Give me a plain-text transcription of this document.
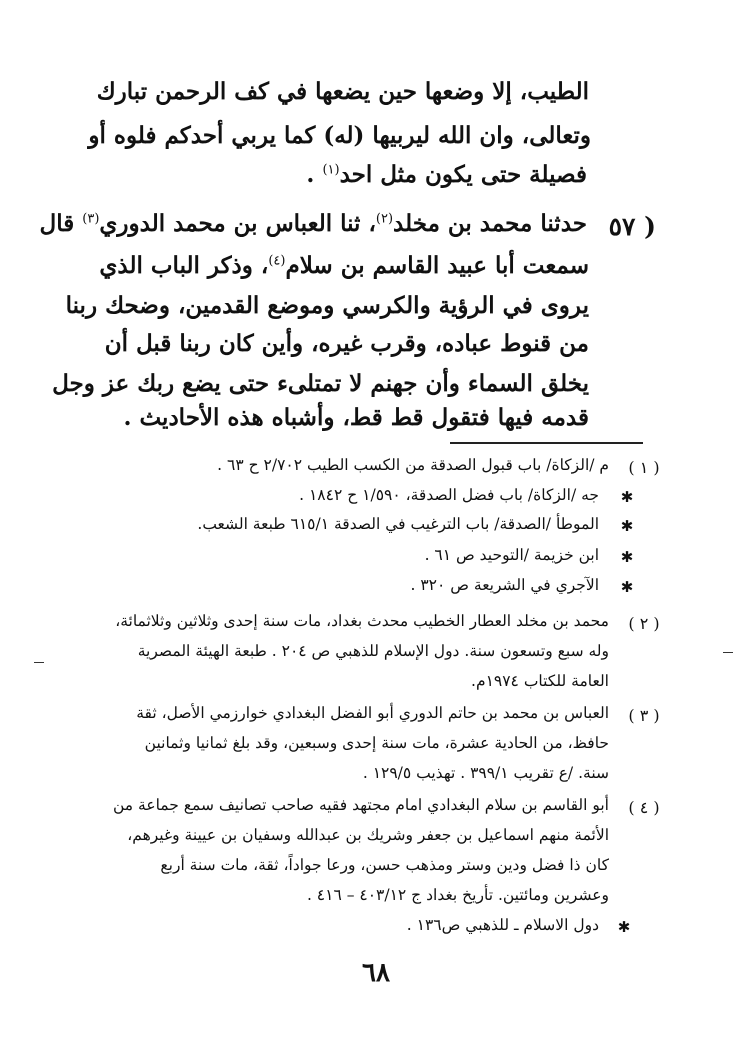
الطيب، إلا وضعها حين يضعها في كف الرحمن تبارك
وتعالى، وان الله ليربيها (له) كما يربي أحدكم فلوه أو
فصيلة حتى يكون مثل احد$^{(١)}$ .
٥٧ )
حدثنا محمد بن مخلد$^{(٢)}$، ثنا العباس بن محمد الدوري$^{(٣)}$ قال
سمعت أبا عبيد القاسم بن سلام$^{(٤)}$، وذكر الباب الذي
يروى في الرؤية والكرسي وموضع القدمين، وضحك ربنا
من قنوط عباده، وقرب غيره، وأين كان ربنا قبل أن
يخلق السماء وأن جهنم لا تمتلىء حتى يضع ربك عز وجل
قدمه فيها فتقول قط قط، وأشباه هذه الأحاديث .
( ١ )
م /الزكاة/ باب قبول الصدقة من الكسب الطيب ٢/٧٠٢ ح ٦٣ .
✱
جه /الزكاة/ باب فضل الصدقة، ١/٥٩٠ ح ١٨٤٢ .
✱
الموطأ /الصدقة/ باب الترغيب في الصدقة ٦١٥/١ طبعة الشعب.
✱
ابن خزيمة /التوحيد ص ٦١ .
✱
الآجري في الشريعة ص ٣٢٠ .
( ٢ )
محمد بن مخلد العطار الخطيب محدث بغداد، مات سنة إحدى وثلاثين وثلاثمائة،
وله سبع وتسعون سنة. دول الإسلام للذهبي ص ٢٠٤ . طبعة الهيئة المصرية
العامة للكتاب ١٩٧٤م.
( ٣ )
العباس بن محمد بن حاتم الدوري أبو الفضل البغدادي خوارزمي الأصل، ثقة
حافظ، من الحادية عشرة، مات سنة إحدى وسبعين، وقد بلغ ثمانيا وثمانين
سنة. /ع تقريب ٣٩٩/١ . تهذيب ١٢٩/٥ .
( ٤ )
أبو القاسم بن سلام البغدادي امام مجتهد فقيه صاحب تصانيف سمع جماعة من
الأئمة منهم اسماعيل بن جعفر وشريك بن عبدالله وسفيان بن عيينة وغيرهم،
كان ذا فضل ودين وستر ومذهب حسن، ورعا جواداً، ثقة، مات سنة أربع
وعشرين ومائتين. تأريخ بغداد ج ٤٠٣/١٢ – ٤١٦ .
✱
دول الاسلام ـ للذهبي ص١٣٦ .
٦٨
